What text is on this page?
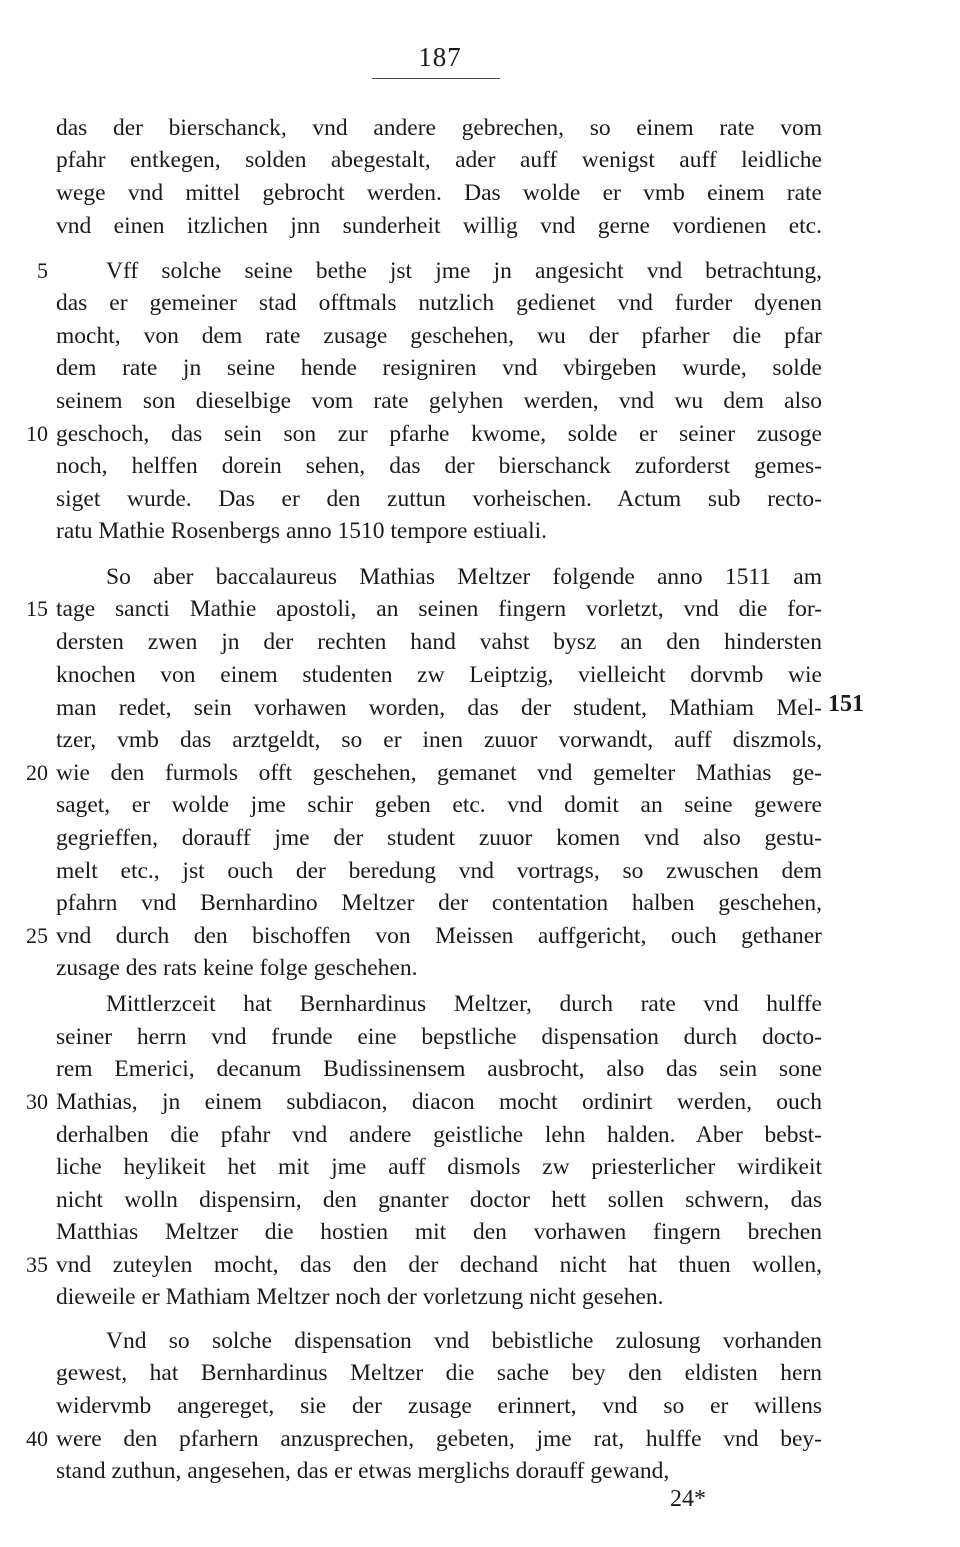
187
das der bierschanck, vnd andere gebrechen, so einem rate vom
pfahr entkegen, solden abegestalt, ader auff wenigst auff leidliche
wege vnd mittel gebrocht werden. Das wolde er vmb einem rate
vnd einen itzlichen jnn sunderheit willig vnd gerne vordienen etc.
Vff solche seine bethe jst jme jn angesicht vnd betrachtung,
das er gemeiner stad offtmals nutzlich gedienet vnd furder dyenen
mocht, von dem rate zusage geschehen, wu der pfarher die pfar
dem rate jn seine hende resigniren vnd vbirgeben wurde, solde
seinem son dieselbige vom rate gelyhen werden, vnd wu dem also
geschoch, das sein son zur pfarhe kwome, solde er seiner zusoge
noch, helffen dorein sehen, das der bierschanck zuforderst gemes-
siget wurde. Das er den zuttun vorheischen. Actum sub recto-
ratu Mathie Rosenbergs anno 1510 tempore estiuali.
So aber baccalaureus Mathias Meltzer folgende anno 1511 am
tage sancti Mathie apostoli, an seinen fingern vorletzt, vnd die for-
dersten zwen jn der rechten hand vahst bysz an den hindersten
knochen von einem studenten zw Leiptzig, vielleicht dorvmb wie
man redet, sein vorhawen worden, das der student, Mathiam Mel-
tzer, vmb das arztgeldt, so er inen zuuor vorwandt, auff diszmols,
wie den furmols offt geschehen, gemanet vnd gemelter Mathias ge-
saget, er wolde jme schir geben etc. vnd domit an seine gewere
gegrieffen, dorauff jme der student zuuor komen vnd also gestu-
melt etc., jst ouch der beredung vnd vortrags, so zwuschen dem
pfahrn vnd Bernhardino Meltzer der contentation halben geschehen,
vnd durch den bischoffen von Meissen auffgericht, ouch gethaner
zusage des rats keine folge geschehen.
Mittlerzceit hat Bernhardinus Meltzer, durch rate vnd hulffe
seiner herrn vnd frunde eine bepstliche dispensation durch docto-
rem Emerici, decanum Budissinensem ausbrocht, also das sein sone
Mathias, jn einem subdiacon, diacon mocht ordinirt werden, ouch
derhalben die pfahr vnd andere geistliche lehn halden. Aber bebst-
liche heylikeit het mit jme auff dismols zw priesterlicher wirdikeit
nicht wolln dispensirn, den gnanter doctor hett sollen schwern, das
Matthias Meltzer die hostien mit den vorhawen fingern brechen
vnd zuteylen mocht, das den der dechand nicht hat thuen wollen,
dieweile er Mathiam Meltzer noch der vorletzung nicht gesehen.
Vnd so solche dispensation vnd bebistliche zulosung vorhanden
gewest, hat Bernhardinus Meltzer die sache bey den eldisten hern
widervmb angereget, sie der zusage erinnert, vnd so er willens
were den pfarhern anzusprechen, gebeten, jme rat, hulffe vnd bey-
stand zuthun, angesehen, das er etwas merglichs dorauff gewand,
5
10
15
20
25
30
35
40
151
24*
